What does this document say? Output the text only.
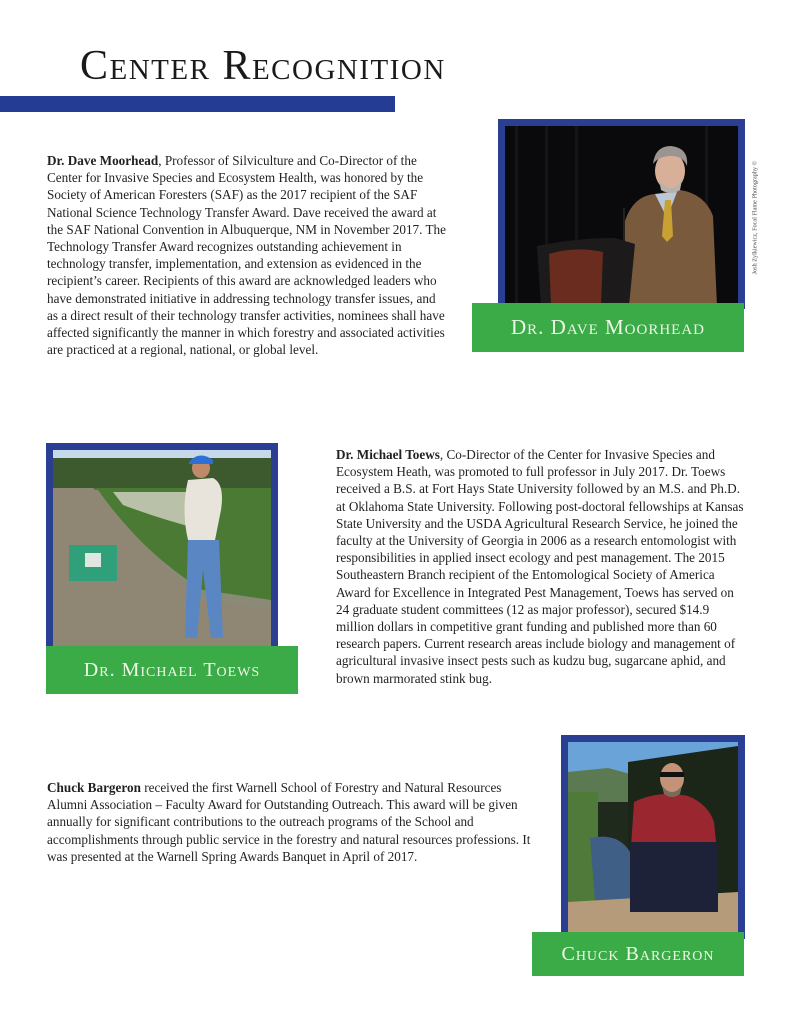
Center Recognition
Dr. Dave Moorhead, Professor of Silviculture and Co-Director of the Center for Invasive Species and Ecosystem Health, was honored by the Society of American Foresters (SAF) as the 2017 recipient of the SAF National Science Technology Transfer Award. Dave received the award at the SAF National Convention in Albuquerque, NM in November 2017. The Technology Transfer Award recognizes outstanding achievement in technology transfer, implementation, and extension as evidenced in the recipient’s career. Recipients of this award are acknowledged leaders who have demonstrated initiative in addressing technology transfer issues, and as a direct result of their technology transfer activities, nominees shall have affected significantly the manner in which forestry and associated activities are practiced at a regional, national, or global level.
Dr. Dave Moorhead
Josh Zylkiewicz, Focal Flame Photography ©
Dr. Michael Toews
Dr. Michael Toews, Co-Director of the Center for Invasive Species and Ecosystem Heath, was promoted to full professor in July 2017. Dr. Toews received a B.S. at Fort Hays State University followed by an M.S. and Ph.D. at Oklahoma State University. Following post-doctoral fellowships at Kansas State University and the USDA Agricultural Research Service, he joined the faculty at the University of Georgia in 2006 as a research entomologist with responsibilities in applied insect ecology and pest management. The 2015 Southeastern Branch recipient of the Entomological Society of America Award for Excellence in Integrated Pest Management, Toews has served on 24 graduate student committees (12 as major professor), secured $14.9 million dollars in competitive grant funding and published more than 60 research papers. Current research areas include biology and management of agricultural invasive insect pests such as kudzu bug, sugarcane aphid, and brown marmorated stink bug.
Chuck Bargeron received the first Warnell School of Forestry and Natural Resources Alumni Association – Faculty Award for Outstanding Outreach. This award will be given annually for significant contributions to the outreach programs of the School and accomplishments through public service in the forestry and natural resources professions. It was presented at the Warnell Spring Awards Banquet in April of 2017.
Chuck Bargeron
